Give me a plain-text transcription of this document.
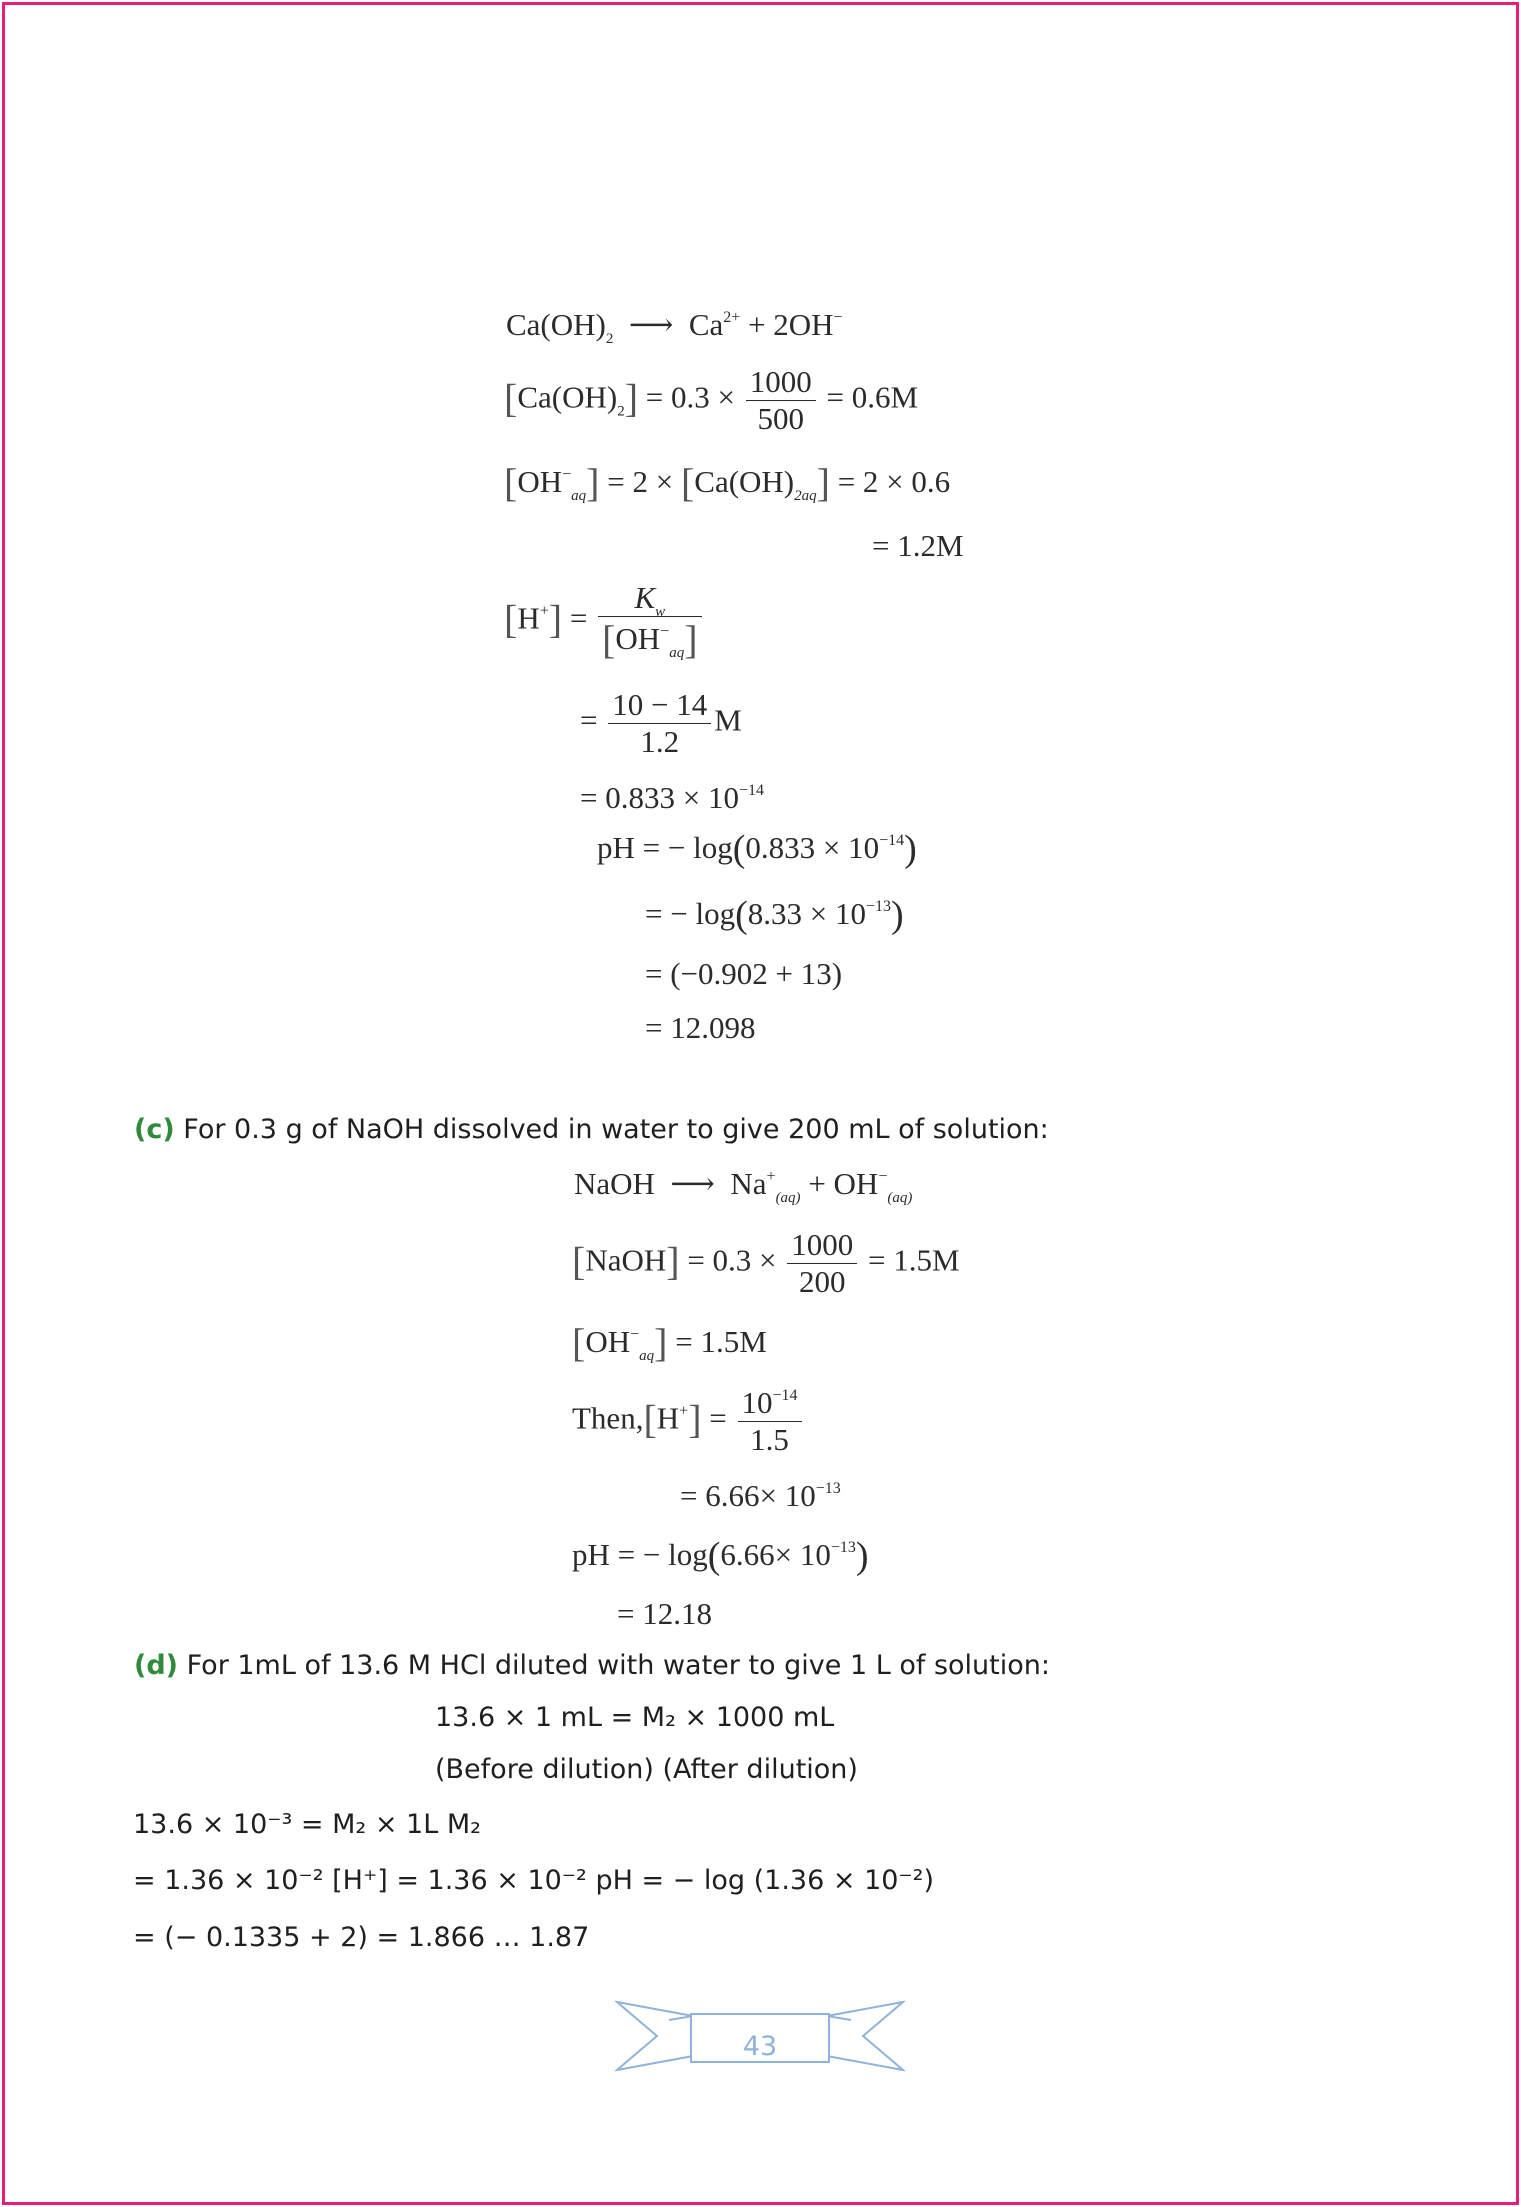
$Ca(OH)_2$  ⟶  $Ca^{2+} + 2OH^-$
$[Ca(OH)_2] = 0.3 \times \frac{1000}{500} = 0.6M$
$[OH^-_{aq}] = 2 \times [Ca(OH)_{2aq}] = 2 \times 0.6$
= 1.2M
$[H^+] = \frac{K_w}{[OH^-_{aq}]}$
= $\frac{10 - 14}{1.2}$ M
= $0.833 \times 10^{-14}$
pH = − $\log(0.833 \times 10^{-14})$
= − $\log(8.33 \times 10^{-13})$
= (−0.902 + 13)
= 12.098
(c) For 0.3 g of NaOH dissolved in water to give 200 mL of solution:
NaOH  ⟶  $Na^+_{(aq)} + OH^-_{(aq)}$
[NaOH] = $0.3 \times \frac{1000}{200} = 1.5M$
$[OH^-_{aq}] = 1.5M$
Then,[H+] = $\frac{10^{-14}}{1.5}$
= $6.66\times 10^{-13}$
pH = − $\log(6.66\times 10^{-13})$
= 12.18
(d) For 1mL of 13.6 M HCl diluted with water to give 1 L of solution:
13.6 × 1 mL = M₂ × 1000 mL
(Before dilution) (After dilution)
13.6 × 10⁻³ = M₂ × 1L M₂
= 1.36 × 10⁻² [H⁺] = 1.36 × 10⁻² pH = − log (1.36 × 10⁻²)
= (− 0.1335 + 2) = 1.866 … 1.87
43
